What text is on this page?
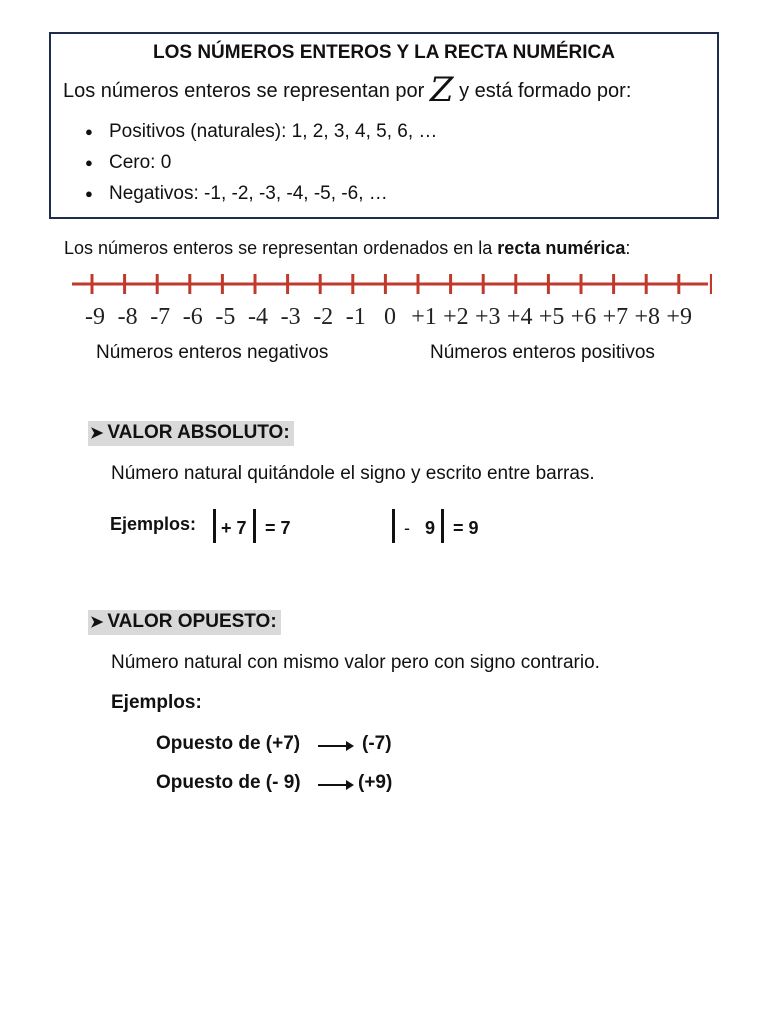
LOS NÚMEROS ENTEROS Y LA RECTA NUMÉRICA
Los números enteros se representan por Z y está formado por:
● Positivos (naturales): 1, 2, 3, 4, 5, 6, …
● Cero: 0
● Negativos: -1, -2, -3, -4, -5, -6, …
Los números enteros se representan ordenados en la recta numérica:
-9 -8 -7 -6 -5 -4 -3 -2 -1 0 +1 +2 +3 +4 +5 +6 +7 +8 +9
Números enteros negativos	Números enteros positivos
➤ VALOR ABSOLUTO:
Número natural quitándole el signo y escrito entre barras.
Ejemplos: + 7 = 7	- 9 = 9
➤ VALOR OPUESTO:
Número natural con mismo valor pero con signo contrario.
Ejemplos:
Opuesto de (+7)	(-7)
Opuesto de (- 9)	(+9)
